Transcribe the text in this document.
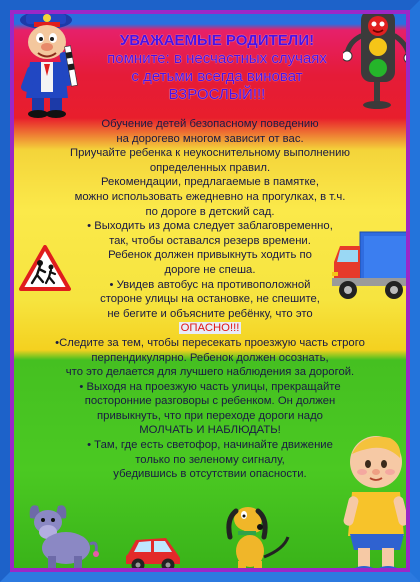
УВАЖАЕМЫЕ РОДИТЕЛИ!
помните: в несчастных случаях
с детьми всегда виноват
ВЗРОСЛЫЙ!!!

Обучение детей безопасному поведению

на дорогево многом зависит от вас.

Приучайте ребенка к неукоснительному выполнению

определенных правил.

Рекомендации, предлагаемые в памятке,

можно использовать ежедневно на прогулках, в т.ч.

по дороге в детский сад.

• Выходить из дома следует заблаговременно,

так, чтобы оставался резерв времени.

Ребенок должен привыкнуть ходить по

дороге не спеша.

• Увидев автобус на противоположной

стороне улицы на остановке, не спешите,

не бегите и объясните ребёнку, что это

ОПАСНО!!!

•Следите за тем, чтобы пересекать проезжую часть строго

перпендикулярно. Ребенок должен осознать,

что это делается для лучшего наблюдения за дорогой.

• Выходя на проезжую часть улицы, прекращайте

посторонние разговоры с ребенком. Он должен

привыкнуть, что при переходе дороги надо

МОЛЧАТЬ И НАБЛЮДАТЬ!

• Там, где есть светофор, начинайте движение

только по зеленому сигналу,

убедившись в отсутствии опасности.
